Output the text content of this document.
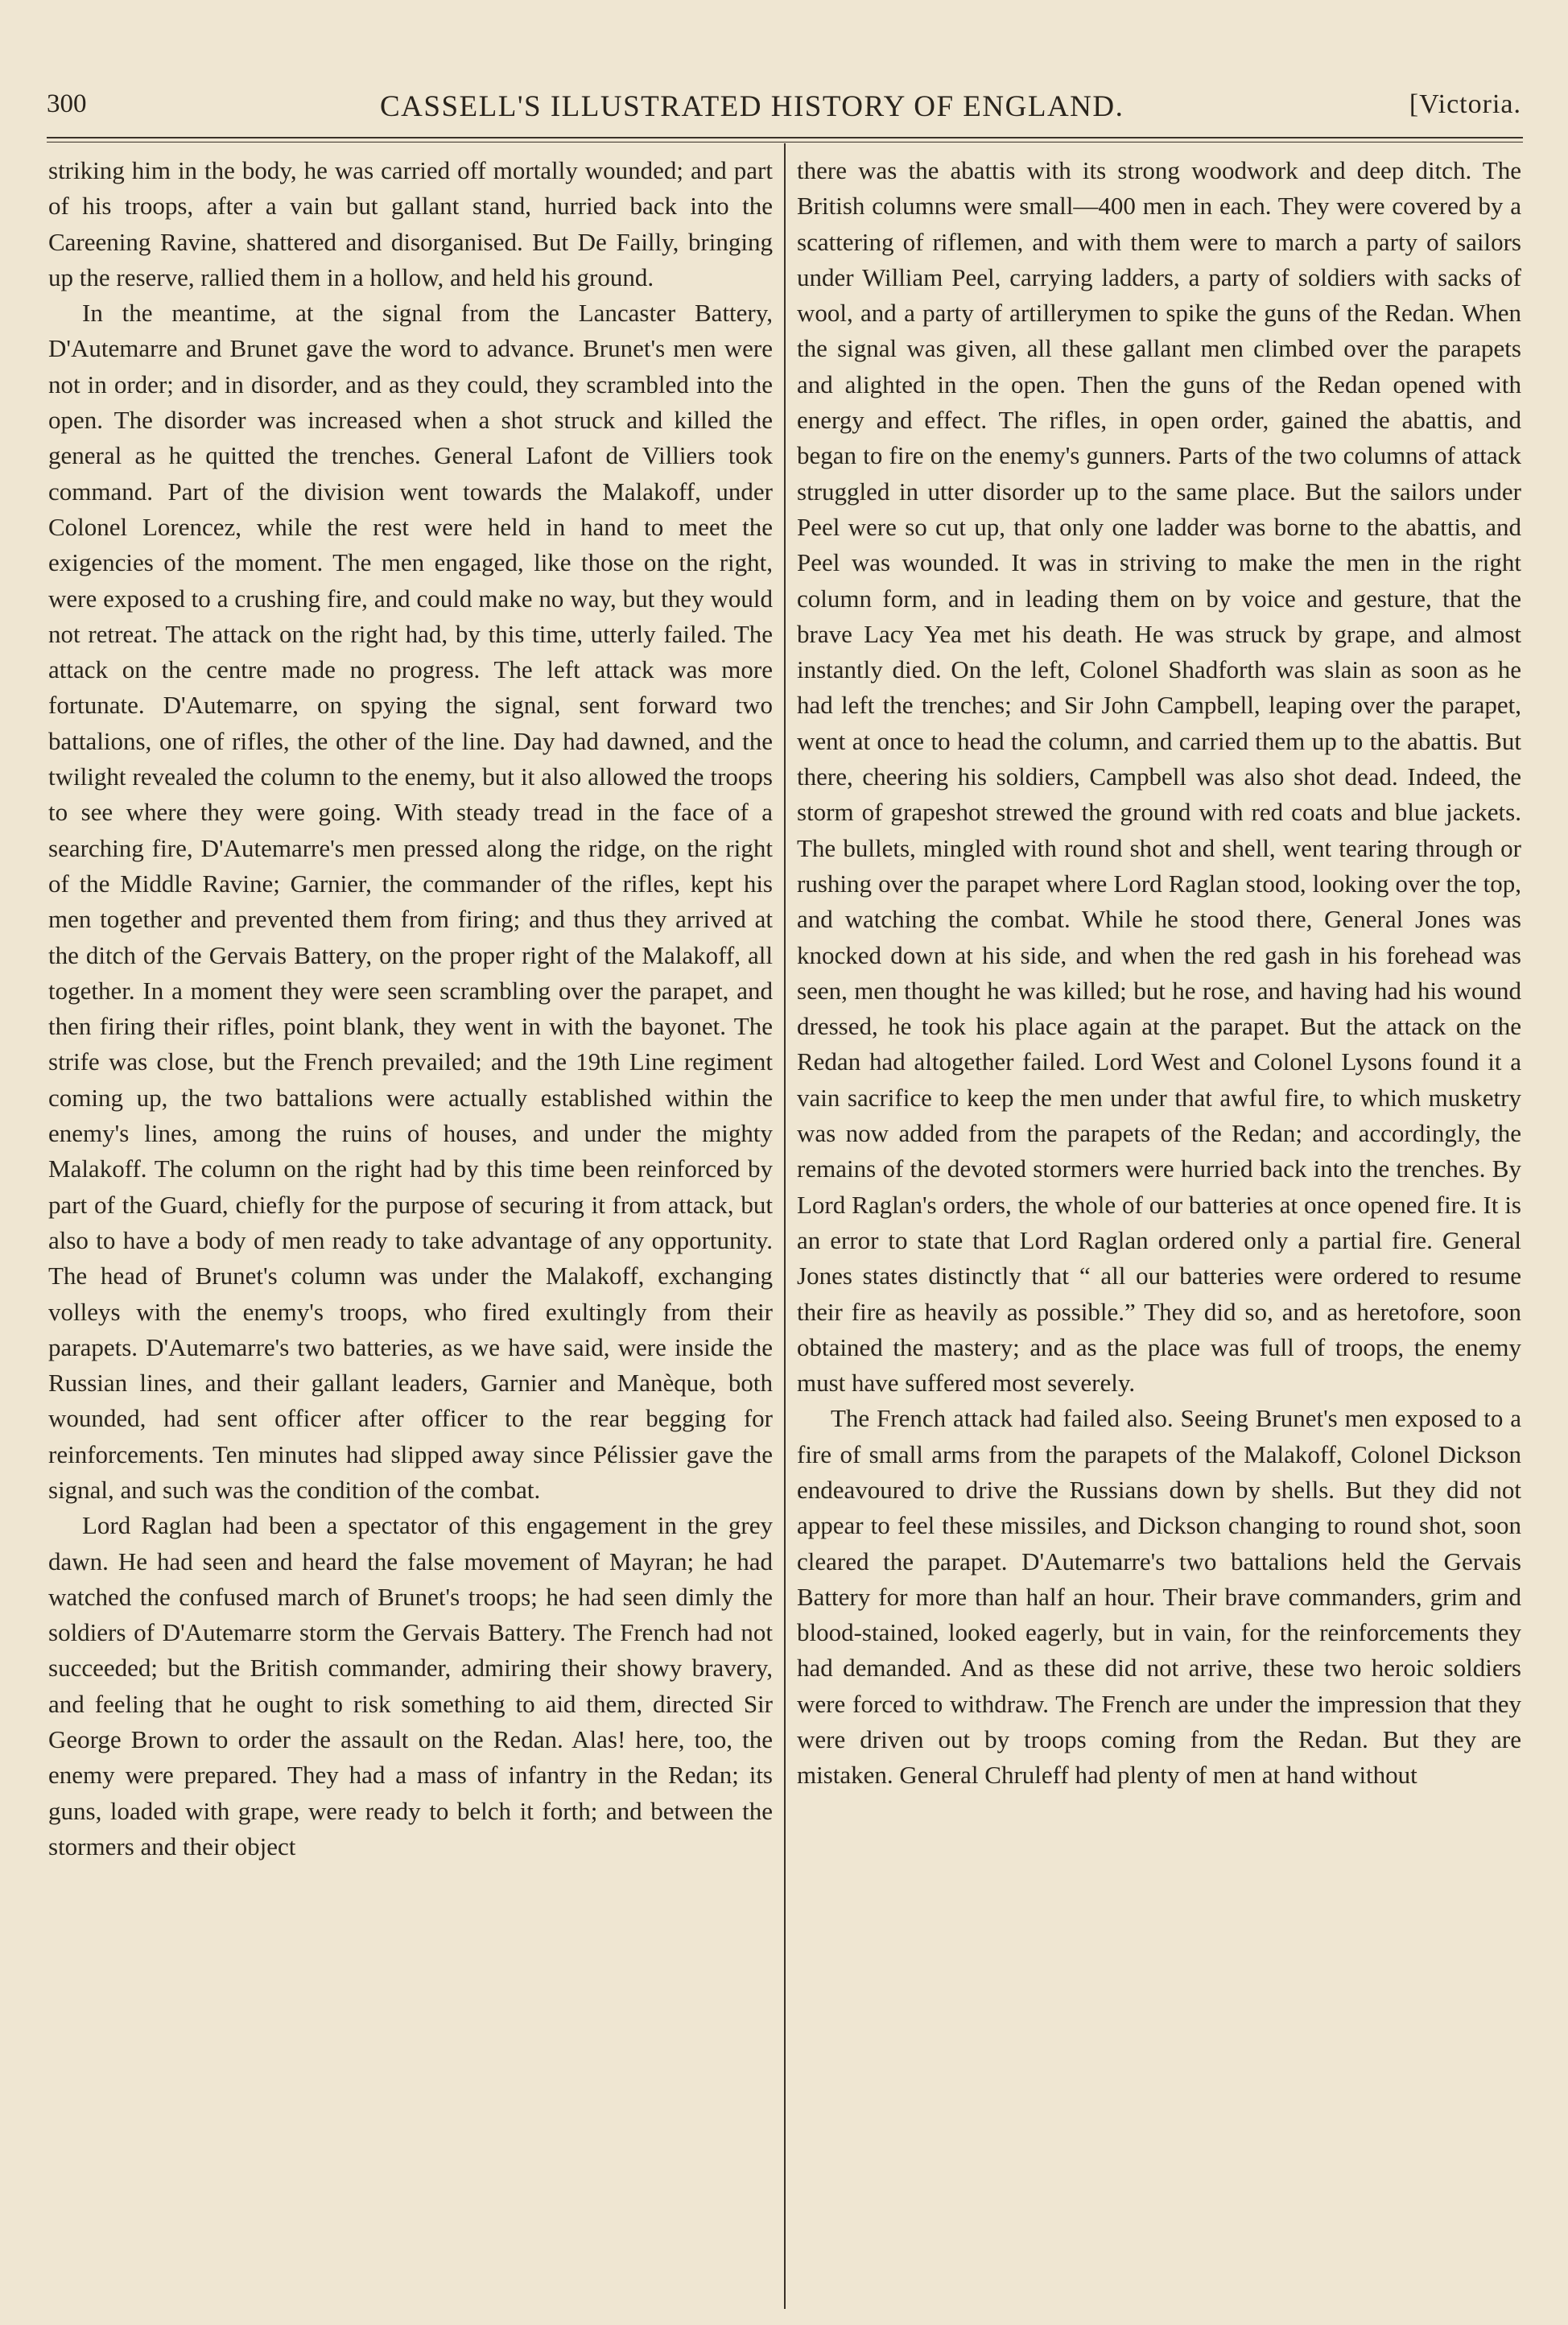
300	CASSELL'S ILLUSTRATED HISTORY OF ENGLAND.	[Victoria.

striking him in the body, he was carried off mortally wounded; and part of his troops, after a vain but gallant stand, hurried back into the Careening Ravine, shattered and disorganised. But De Failly, bringing up the reserve, rallied them in a hollow, and held his ground.

In the meantime, at the signal from the Lancaster Battery, D'Autemarre and Brunet gave the word to advance. Brunet's men were not in order; and in disorder, and as they could, they scrambled into the open. The disorder was increased when a shot struck and killed the general as he quitted the trenches. General Lafont de Villiers took command. Part of the division went towards the Malakoff, under Colonel Lorencez, while the rest were held in hand to meet the exigencies of the moment. The men engaged, like those on the right, were exposed to a crushing fire, and could make no way, but they would not retreat. The attack on the right had, by this time, utterly failed. The attack on the centre made no progress. The left attack was more fortunate. D'Autemarre, on spying the signal, sent forward two battalions, one of rifles, the other of the line. Day had dawned, and the twilight revealed the column to the enemy, but it also allowed the troops to see where they were going. With steady tread in the face of a searching fire, D'Autemarre's men pressed along the ridge, on the right of the Middle Ravine; Garnier, the commander of the rifles, kept his men together and prevented them from firing; and thus they arrived at the ditch of the Gervais Battery, on the proper right of the Malakoff, all together. In a moment they were seen scrambling over the parapet, and then firing their rifles, point blank, they went in with the bayonet. The strife was close, but the French prevailed; and the 19th Line regiment coming up, the two battalions were actually established within the enemy's lines, among the ruins of houses, and under the mighty Malakoff. The column on the right had by this time been reinforced by part of the Guard, chiefly for the purpose of securing it from attack, but also to have a body of men ready to take advantage of any opportunity. The head of Brunet's column was under the Malakoff, exchanging volleys with the enemy's troops, who fired exultingly from their parapets. D'Autemarre's two batteries, as we have said, were inside the Russian lines, and their gallant leaders, Garnier and Manèque, both wounded, had sent officer after officer to the rear begging for reinforcements. Ten minutes had slipped away since Pélissier gave the signal, and such was the condition of the combat.

Lord Raglan had been a spectator of this engagement in the grey dawn. He had seen and heard the false movement of Mayran; he had watched the confused march of Brunet's troops; he had seen dimly the soldiers of D'Autemarre storm the Gervais Battery. The French had not succeeded; but the British commander, admiring their showy bravery, and feeling that he ought to risk something to aid them, directed Sir George Brown to order the assault on the Redan. Alas! here, too, the enemy were prepared. They had a mass of infantry in the Redan; its guns, loaded with grape, were ready to belch it forth; and between the stormers and their object

there was the abattis with its strong woodwork and deep ditch. The British columns were small—400 men in each. They were covered by a scattering of riflemen, and with them were to march a party of sailors under William Peel, carrying ladders, a party of soldiers with sacks of wool, and a party of artillerymen to spike the guns of the Redan. When the signal was given, all these gallant men climbed over the parapets and alighted in the open. Then the guns of the Redan opened with energy and effect. The rifles, in open order, gained the abattis, and began to fire on the enemy's gunners. Parts of the two columns of attack struggled in utter disorder up to the same place. But the sailors under Peel were so cut up, that only one ladder was borne to the abattis, and Peel was wounded. It was in striving to make the men in the right column form, and in leading them on by voice and gesture, that the brave Lacy Yea met his death. He was struck by grape, and almost instantly died. On the left, Colonel Shadforth was slain as soon as he had left the trenches; and Sir John Campbell, leaping over the parapet, went at once to head the column, and carried them up to the abattis. But there, cheering his soldiers, Campbell was also shot dead. Indeed, the storm of grapeshot strewed the ground with red coats and blue jackets. The bullets, mingled with round shot and shell, went tearing through or rushing over the parapet where Lord Raglan stood, looking over the top, and watching the combat. While he stood there, General Jones was knocked down at his side, and when the red gash in his forehead was seen, men thought he was killed; but he rose, and having had his wound dressed, he took his place again at the parapet. But the attack on the Redan had altogether failed. Lord West and Colonel Lysons found it a vain sacrifice to keep the men under that awful fire, to which musketry was now added from the parapets of the Redan; and accordingly, the remains of the devoted stormers were hurried back into the trenches. By Lord Raglan's orders, the whole of our batteries at once opened fire. It is an error to state that Lord Raglan ordered only a partial fire. General Jones states distinctly that “ all our batteries were ordered to resume their fire as heavily as possible.” They did so, and as heretofore, soon obtained the mastery; and as the place was full of troops, the enemy must have suffered most severely.

The French attack had failed also. Seeing Brunet's men exposed to a fire of small arms from the parapets of the Malakoff, Colonel Dickson endeavoured to drive the Russians down by shells. But they did not appear to feel these missiles, and Dickson changing to round shot, soon cleared the parapet. D'Autemarre's two battalions held the Gervais Battery for more than half an hour. Their brave commanders, grim and blood-stained, looked eagerly, but in vain, for the reinforcements they had demanded. And as these did not arrive, these two heroic soldiers were forced to withdraw. The French are under the impression that they were driven out by troops coming from the Redan. But they are mistaken. General Chruleff had plenty of men at hand without
